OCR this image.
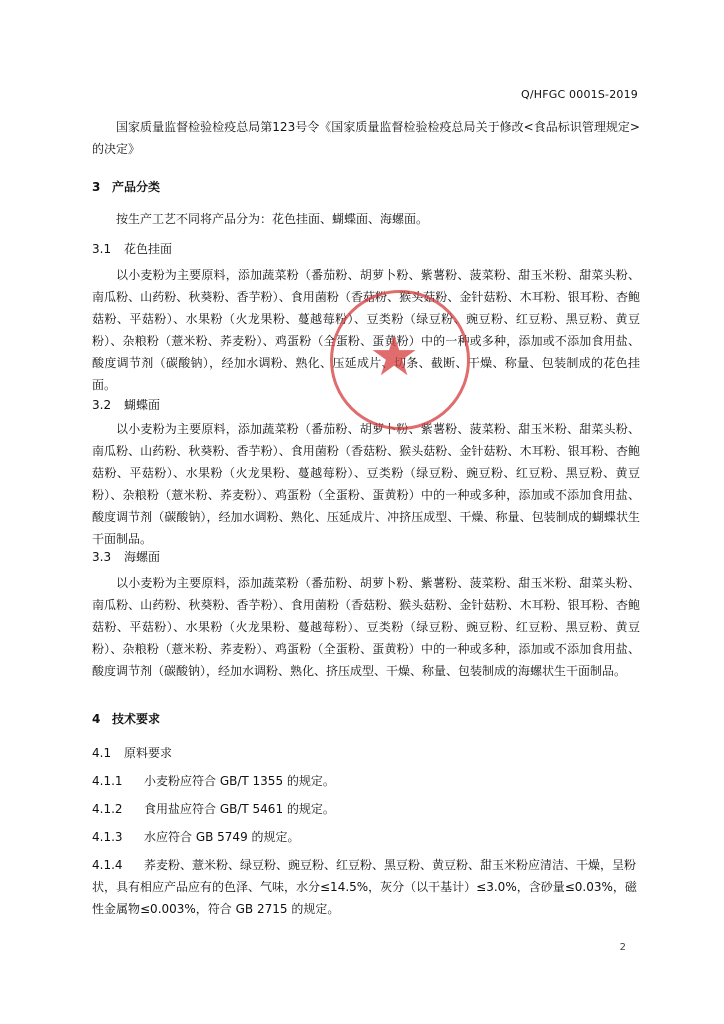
Q/HFGC 0001S-2019
国家质量监督检验检疫总局第123号令《国家质量监督检验检疫总局关于修改<食品标识管理规定>的决定》
3 产品分类
按生产工艺不同将产品分为：花色挂面、蝴蝶面、海螺面。
3.1 花色挂面
以小麦粉为主要原料，添加蔬菜粉（番茄粉、胡萝卜粉、紫薯粉、菠菜粉、甜玉米粉、甜菜头粉、南瓜粉、山药粉、秋葵粉、香芋粉）、食用菌粉（香菇粉、猴头菇粉、金针菇粉、木耳粉、银耳粉、杏鲍菇粉、平菇粉）、水果粉（火龙果粉、蔓越莓粉）、豆类粉（绿豆粉、豌豆粉、红豆粉、黑豆粉、黄豆粉）、杂粮粉（薏米粉、荞麦粉）、鸡蛋粉（全蛋粉、蛋黄粉）中的一种或多种，添加或不添加食用盐、酸度调节剂（碳酸钠），经加水调粉、熟化、压延成片、切条、截断、干燥、称量、包装制成的花色挂面。
3.2 蝴蝶面
以小麦粉为主要原料，添加蔬菜粉（番茄粉、胡萝卜粉、紫薯粉、菠菜粉、甜玉米粉、甜菜头粉、南瓜粉、山药粉、秋葵粉、香芋粉）、食用菌粉（香菇粉、猴头菇粉、金针菇粉、木耳粉、银耳粉、杏鲍菇粉、平菇粉）、水果粉（火龙果粉、蔓越莓粉）、豆类粉（绿豆粉、豌豆粉、红豆粉、黑豆粉、黄豆粉）、杂粮粉（薏米粉、荞麦粉）、鸡蛋粉（全蛋粉、蛋黄粉）中的一种或多种，添加或不添加食用盐、酸度调节剂（碳酸钠），经加水调粉、熟化、压延成片、冲挤压成型、干燥、称量、包装制成的蝴蝶状生干面制品。
3.3 海螺面
以小麦粉为主要原料，添加蔬菜粉（番茄粉、胡萝卜粉、紫薯粉、菠菜粉、甜玉米粉、甜菜头粉、南瓜粉、山药粉、秋葵粉、香芋粉）、食用菌粉（香菇粉、猴头菇粉、金针菇粉、木耳粉、银耳粉、杏鲍菇粉、平菇粉）、水果粉（火龙果粉、蔓越莓粉）、豆类粉（绿豆粉、豌豆粉、红豆粉、黑豆粉、黄豆粉）、杂粮粉（薏米粉、荞麦粉）、鸡蛋粉（全蛋粉、蛋黄粉）中的一种或多种，添加或不添加食用盐、酸度调节剂（碳酸钠），经加水调粉、熟化、挤压成型、干燥、称量、包装制成的海螺状生干面制品。
4 技术要求
4.1 原料要求
4.1.1 小麦粉应符合 GB/T 1355 的规定。
4.1.2 食用盐应符合 GB/T 5461 的规定。
4.1.3 水应符合 GB 5749 的规定。
4.1.4 荞麦粉、薏米粉、绿豆粉、豌豆粉、红豆粉、黑豆粉、黄豆粉、甜玉米粉应清洁、干燥，呈粉状，具有相应产品应有的色泽、气味，水分≤14.5%，灰分（以干基计）≤3.0%，含砂量≤0.03%，磁性金属物≤0.003%，符合 GB 2715 的规定。
2
★
